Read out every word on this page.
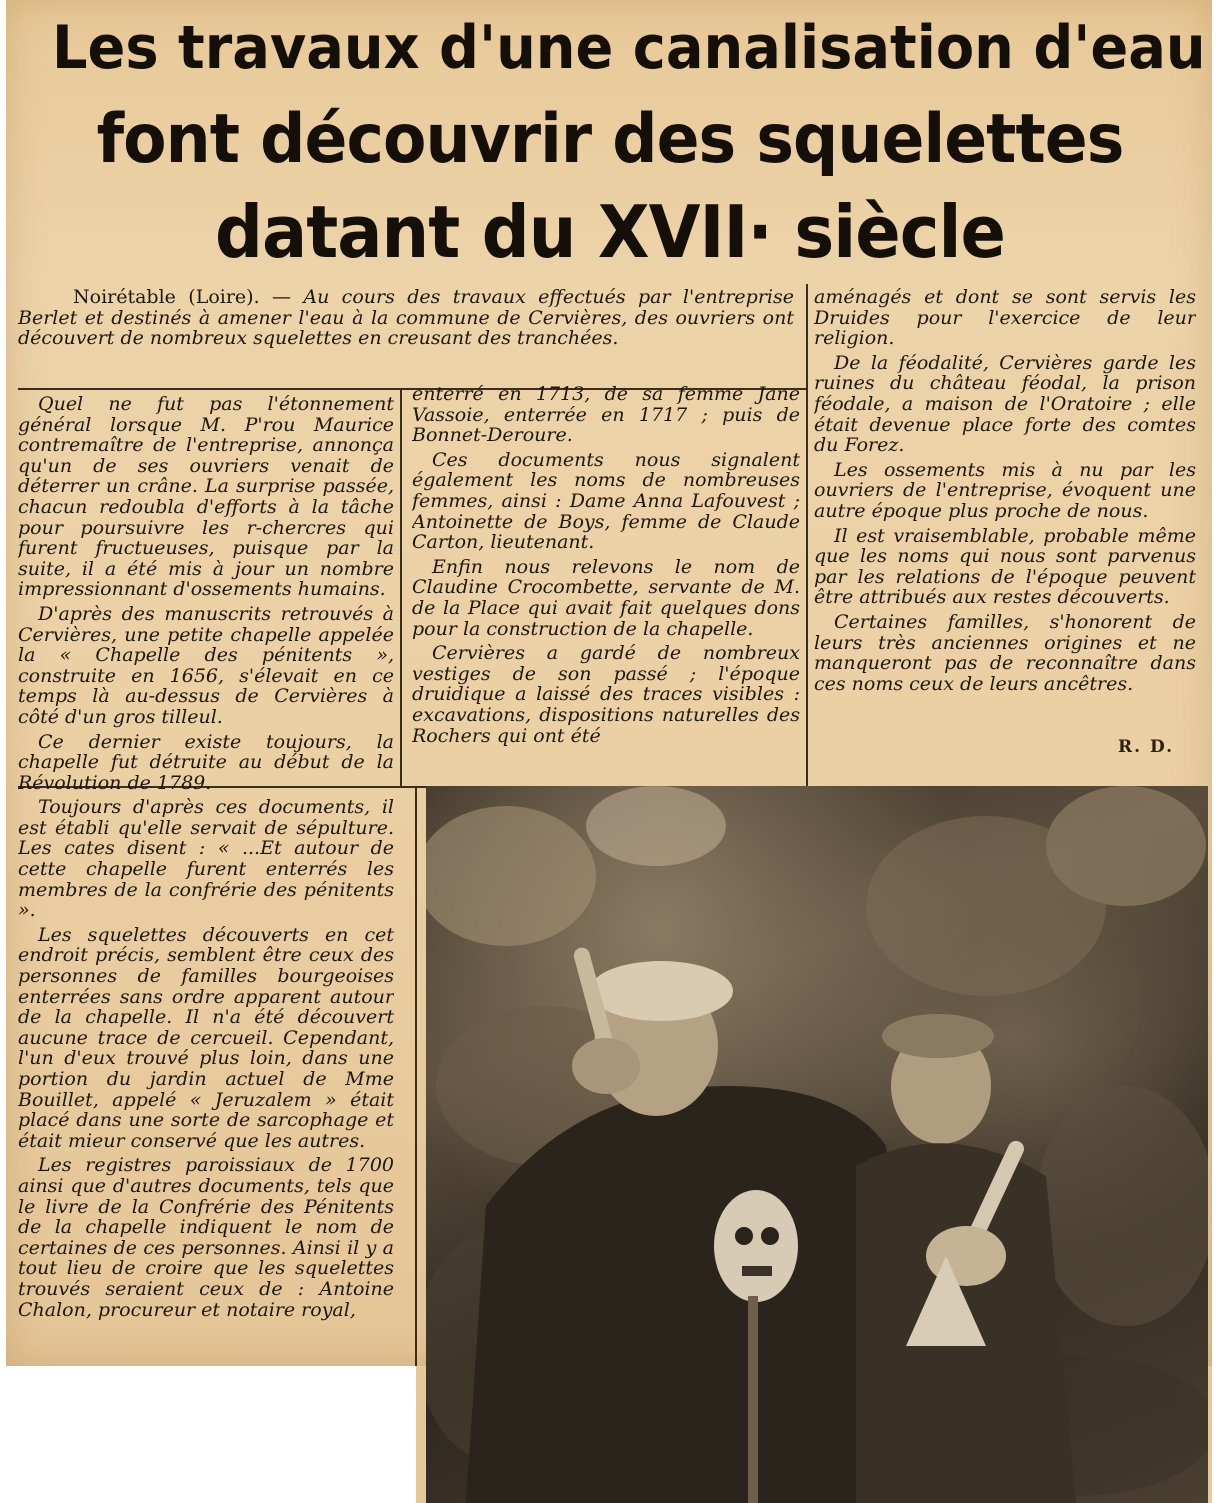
Les travaux d'une canalisation d'eau
font découvrir des squelettes
datant du XVII· siècle

Noirétable (Loire). — Au cours des travaux effectués par l'entreprise Berlet et destinés à amener l'eau à la commune de Cervières, des ouvriers ont découvert de nombreux squelettes en creusant des tranchées.

Quel ne fut pas l'étonnement général lorsque M. P'rou Maurice contremaître de l'entreprise, annonça qu'un de ses ouvriers venait de déterrer un crâne. La surprise passée, chacun redoubla d'efforts à la tâche pour poursuivre les r-chercres qui furent fructueuses, puisque par la suite, il a été mis à jour un nombre impressionnant d'ossements humains.

D'après des manuscrits retrouvés à Cervières, une petite chapelle appelée la « Chapelle des pénitents », construite en 1656, s'élevait en ce temps là au-dessus de Cervières à côté d'un gros tilleul.

Ce dernier existe toujours, la chapelle fut détruite au début de la Révolution de 1789.

Toujours d'après ces documents, il est établi qu'elle servait de sépulture. Les cates disent : « ...Et autour de cette chapelle furent enterrés les membres de la confrérie des pénitents ».

Les squelettes découverts en cet endroit précis, semblent être ceux des personnes de familles bourgeoises enterrées sans ordre apparent autour de la chapelle. Il n'a été découvert aucune trace de cercueil. Cependant, l'un d'eux trouvé plus loin, dans une portion du jardin actuel de Mme Bouillet, appelé « Jeruzalem » était placé dans une sorte de sarcophage et était mieur conservé que les autres.

Les registres paroissiaux de 1700 ainsi que d'autres documents, tels que le livre de la Confrérie des Pénitents de la chapelle indiquent le nom de certaines de ces personnes. Ainsi il y a tout lieu de croire que les squelettes trouvés seraient ceux de : Antoine Chalon, procureur et notaire royal,

enterré en 1713, de sa femme Jane Vassoie, enterrée en 1717 ; puis de Bonnet-Deroure.

Ces documents nous signalent également les noms de nombreuses femmes, ainsi : Dame Anna Lafouvest ; Antoinette de Boys, femme de Claude Carton, lieutenant.

Enfin nous relevons le nom de Claudine Crocombette, servante de M. de la Place qui avait fait quelques dons pour la construction de la chapelle.

Cervières a gardé de nombreux vestiges de son passé ; l'époque druidique a laissé des traces visibles : excavations, dispositions naturelles des Rochers qui ont été

aménagés et dont se sont servis les Druides pour l'exercice de leur religion.

De la féodalité, Cervières garde les ruines du château féodal, la prison féodale, a maison de l'Oratoire ; elle était devenue place forte des comtes du Forez.

Les ossements mis à nu par les ouvriers de l'entreprise, évoquent une autre époque plus proche de nous.

Il est vraisemblable, probable même que les noms qui nous sont parvenus par les relations de l'époque peuvent être attribués aux restes découverts.

Certaines familles, s'honorent de leurs très anciennes origines et ne manqueront pas de reconnaître dans ces noms ceux de leurs ancêtres.

R. D.
